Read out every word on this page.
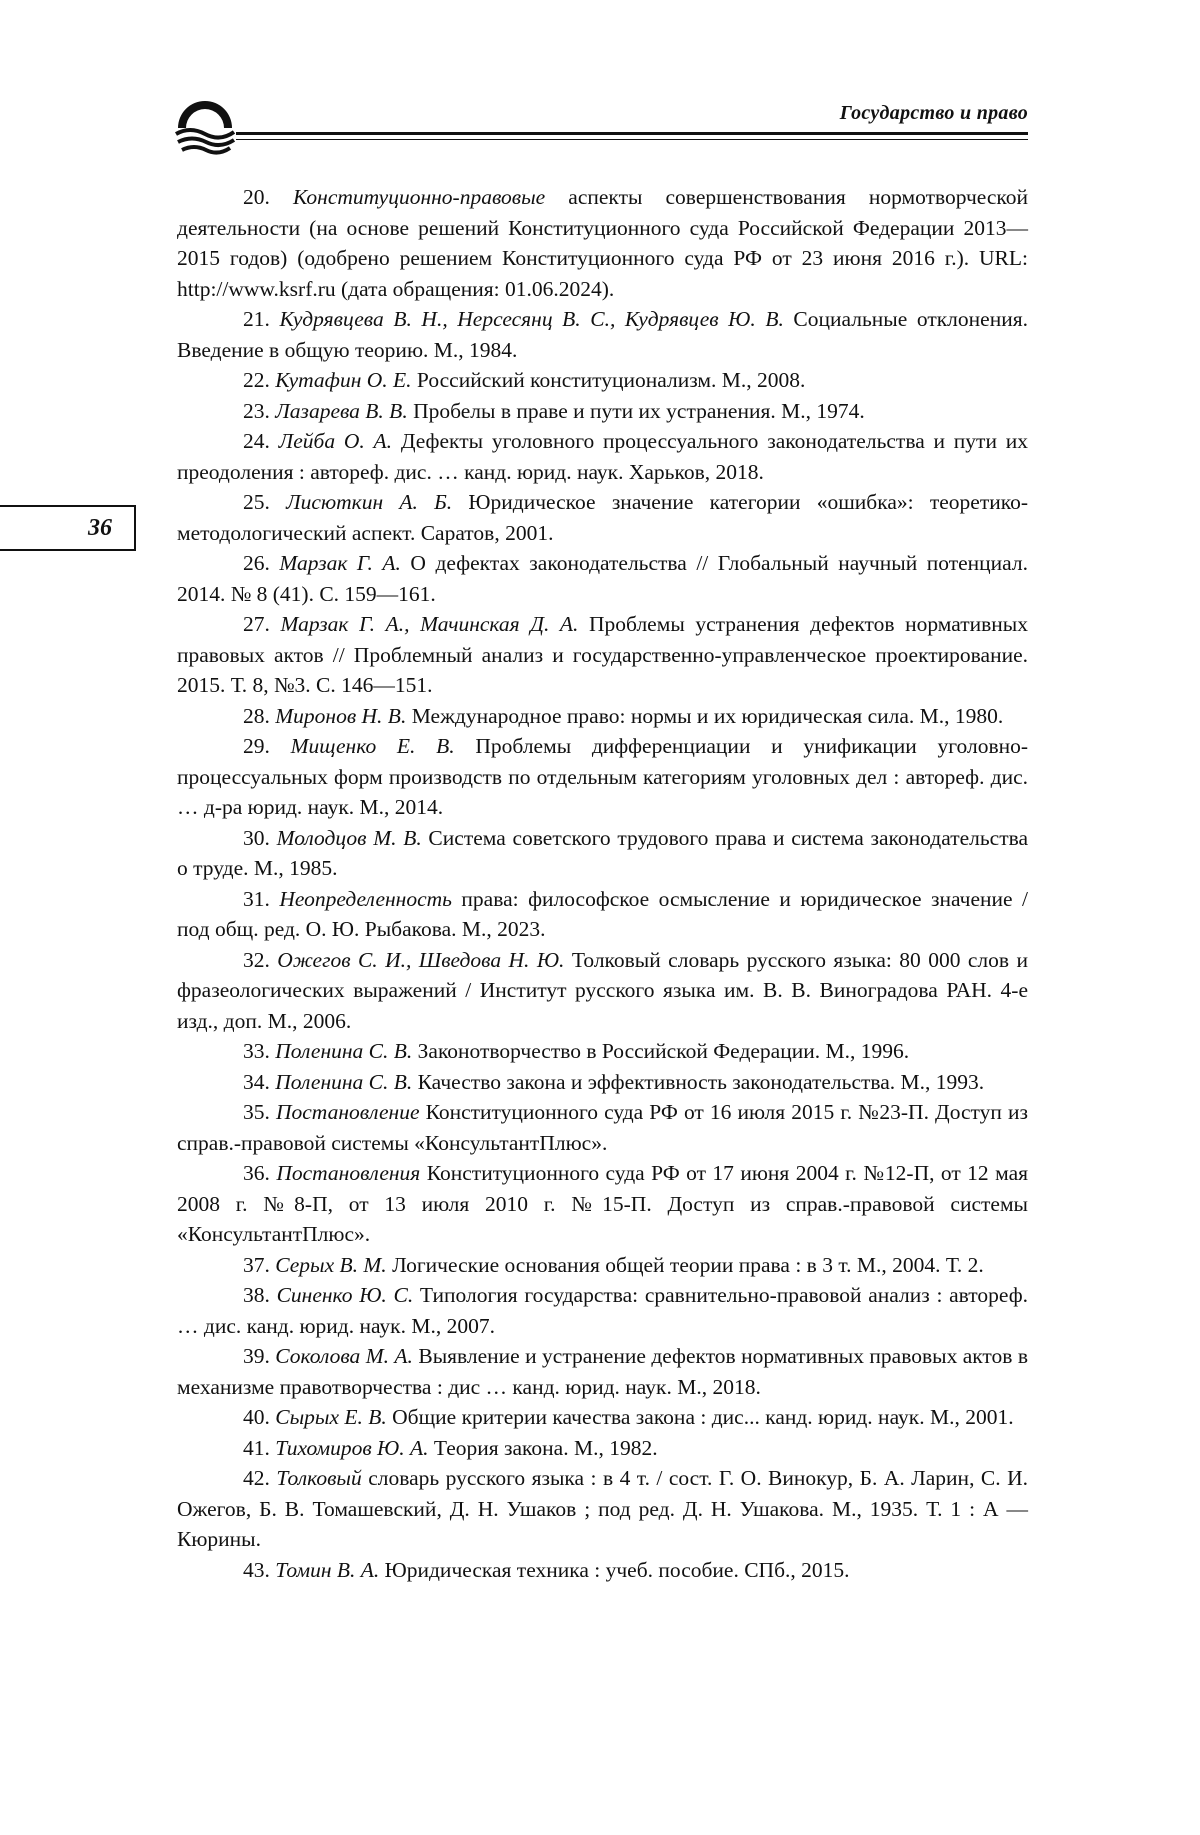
Государство и право
36
20. Конституционно-правовые аспекты совершенствования нормотворческой деятельности (на основе решений Конституционного суда Российской Федерации 2013—2015 годов) (одобрено решением Конституционного суда РФ от 23 июня 2016 г.). URL: http://www.ksrf.ru (дата обращения: 01.06.2024).
21. Кудрявцева В. Н., Нерсесянц В. С., Кудрявцев Ю. В. Социальные отклонения. Введение в общую теорию. М., 1984.
22. Кутафин О. Е. Российский конституционализм. М., 2008.
23. Лазарева В. В. Пробелы в праве и пути их устранения. М., 1974.
24. Лейба О. А. Дефекты уголовного процессуального законодательства и пути их преодоления : автореф. дис. … канд. юрид. наук. Харьков, 2018.
25. Лисюткин А. Б. Юридическое значение категории «ошибка»: теоретико-методологический аспект. Саратов, 2001.
26. Марзак Г. А. О дефектах законодательства // Глобальный научный потенциал. 2014. № 8 (41). С. 159—161.
27. Марзак Г. А., Мачинская Д. А. Проблемы устранения дефектов нормативных правовых актов // Проблемный анализ и государственно-управленческое проектирование. 2015. Т. 8, №3. С. 146—151.
28. Миронов Н. В. Международное право: нормы и их юридическая сила. М., 1980.
29. Мищенко Е. В. Проблемы дифференциации и унификации уголовно-процессуальных форм производств по отдельным категориям уголовных дел : автореф. дис. … д-ра юрид. наук. М., 2014.
30. Молодцов М. В. Система советского трудового права и система законодательства о труде. М., 1985.
31. Неопределенность права: философское осмысление и юридическое значение / под общ. ред. О. Ю. Рыбакова. М., 2023.
32. Ожегов С. И., Шведова Н. Ю. Толковый словарь русского языка: 80 000 слов и фразеологических выражений / Институт русского языка им. В. В. Виноградова РАН. 4-е изд., доп. М., 2006.
33. Поленина С. В. Законотворчество в Российской Федерации. М., 1996.
34. Поленина С. В. Качество закона и эффективность законодательства. М., 1993.
35. Постановление Конституционного суда РФ от 16 июля 2015 г. №23-П. Доступ из справ.-правовой системы «КонсультантПлюс».
36. Постановления Конституционного суда РФ от 17 июня 2004 г. №12-П, от 12 мая 2008 г. №8-П, от 13 июля 2010 г. №15-П. Доступ из справ.-правовой системы «КонсультантПлюс».
37. Серых В. М. Логические основания общей теории права : в 3 т. М., 2004. Т. 2.
38. Синенко Ю. С. Типология государства: сравнительно-правовой анализ : автореф. … дис. канд. юрид. наук. М., 2007.
39. Соколова М. А. Выявление и устранение дефектов нормативных правовых актов в механизме правотворчества : дис … канд. юрид. наук. М., 2018.
40. Сырых Е. В. Общие критерии качества закона : дис... канд. юрид. наук. М., 2001.
41. Тихомиров Ю. А. Теория закона. М., 1982.
42. Толковый словарь русского языка : в 4 т. / сост. Г. О. Винокур, Б. А. Ларин, С. И. Ожегов, Б. В. Томашевский, Д. Н. Ушаков ; под ред. Д. Н. Ушакова. М., 1935. Т. 1 : А — Кюрины.
43. Томин В. А. Юридическая техника : учеб. пособие. СПб., 2015.
